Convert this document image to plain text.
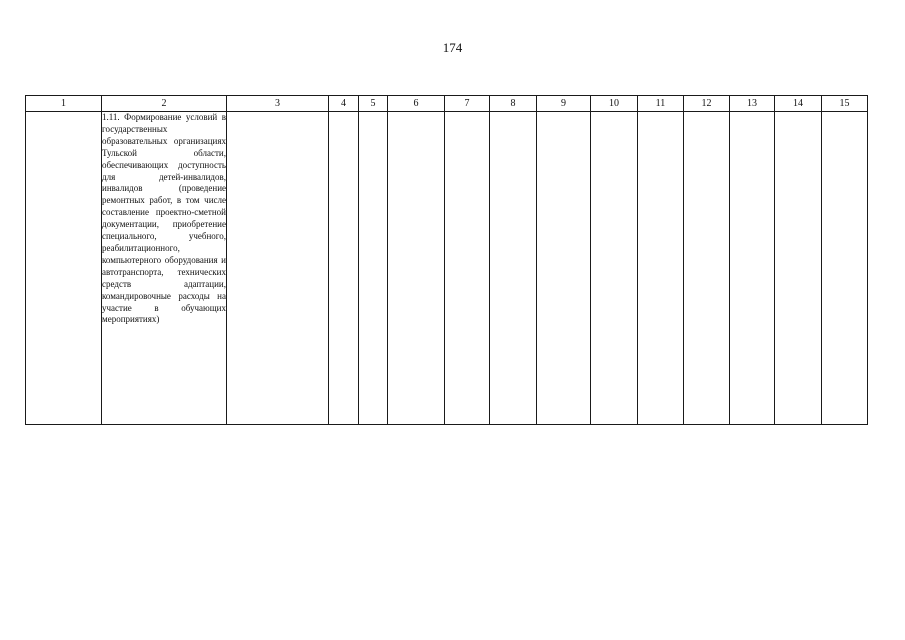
174
1	2	3	4	5	6	7	8	9	10	11	12	13	14	15

	1.11. Формирование условий в государственных образовательных организациях Тульской области, обеспечивающих доступность для детей-инвалидов, инвалидов (проведение ремонтных работ, в том числе составление проектно-сметной документации, приобретение специального, учебного, реабилитационного, компьютерного оборудования и автотранспорта, технических средств адаптации, командировочные расходы на участие в обучающих мероприятиях)													
